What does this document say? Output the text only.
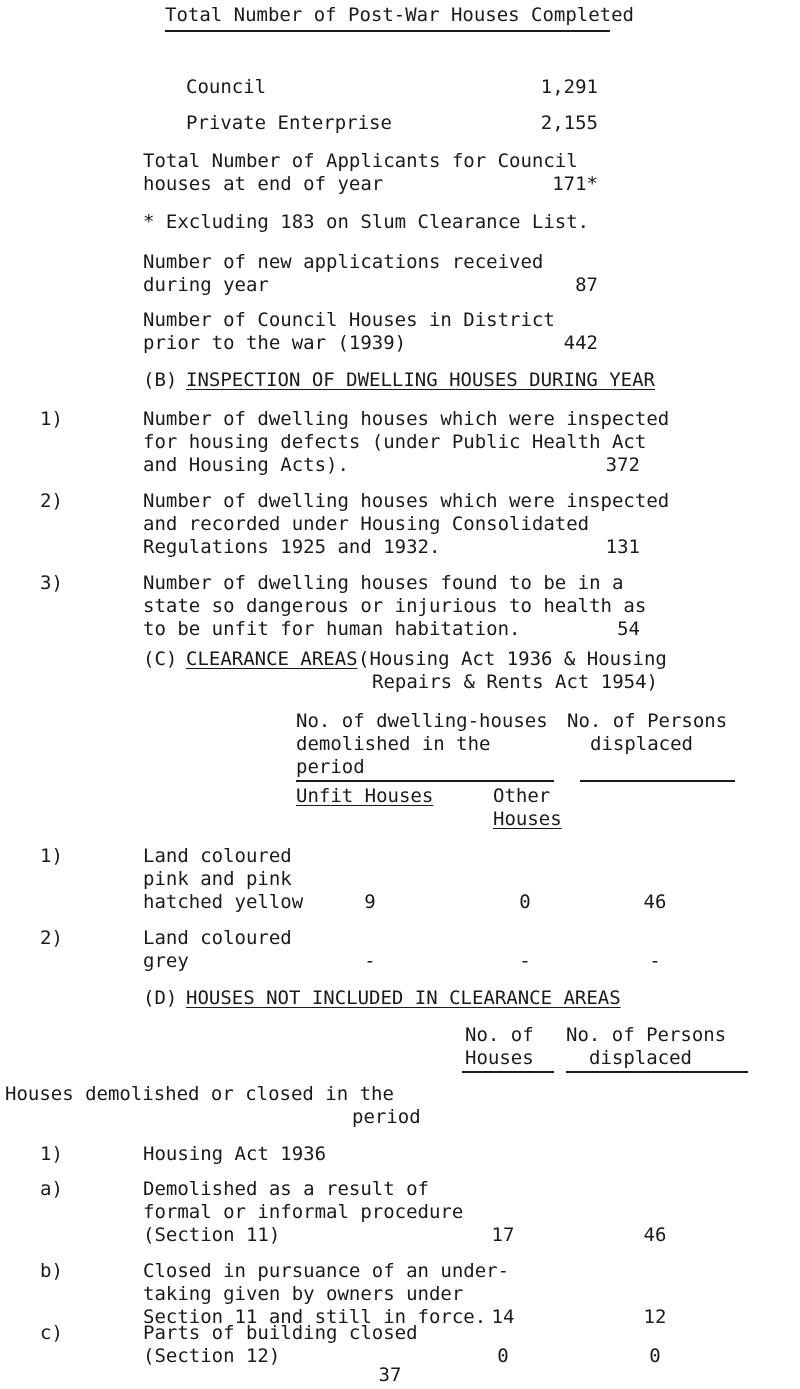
Total Number of Post-War Houses Completed
Council	1,291
Private Enterprise	2,155
Total Number of Applicants for Council
houses at end of year	171*
* Excluding 183 on Slum Clearance List.
Number of new applications received
during year	87
Number of Council Houses in District
prior to the war (1939)	442
(B) INSPECTION OF DWELLING HOUSES DURING YEAR
1)	Number of dwelling houses which were inspected
for housing defects (under Public Health Act
and Housing Acts).	372
2)	Number of dwelling houses which were inspected
and recorded under Housing Consolidated
Regulations 1925 and 1932.	131
3)	Number of dwelling houses found to be in a
state so dangerous or injurious to health as
to be unfit for human habitation.	54
(C) CLEARANCE AREAS (Housing Act 1936 & Housing
Repairs & Rents Act 1954)
No. of dwelling-houses
demolished in the
period
No. of Persons
displaced
Unfit Houses	Other
Houses
1)	Land coloured
pink and pink
hatched yellow	9	0	46
2)	Land coloured
grey	-	-	-
(D) HOUSES NOT INCLUDED IN CLEARANCE AREAS
No. of
Houses
No. of Persons
displaced
Houses demolished or closed in the
period
1)	Housing Act 1936
a)	Demolished as a result of
formal or informal procedure
(Section 11)	17	46
b)	Closed in pursuance of an under-
taking given by owners under
Section 11 and still in force. 14	12
c)	Parts of building closed
(Section 12)	0	0
37
